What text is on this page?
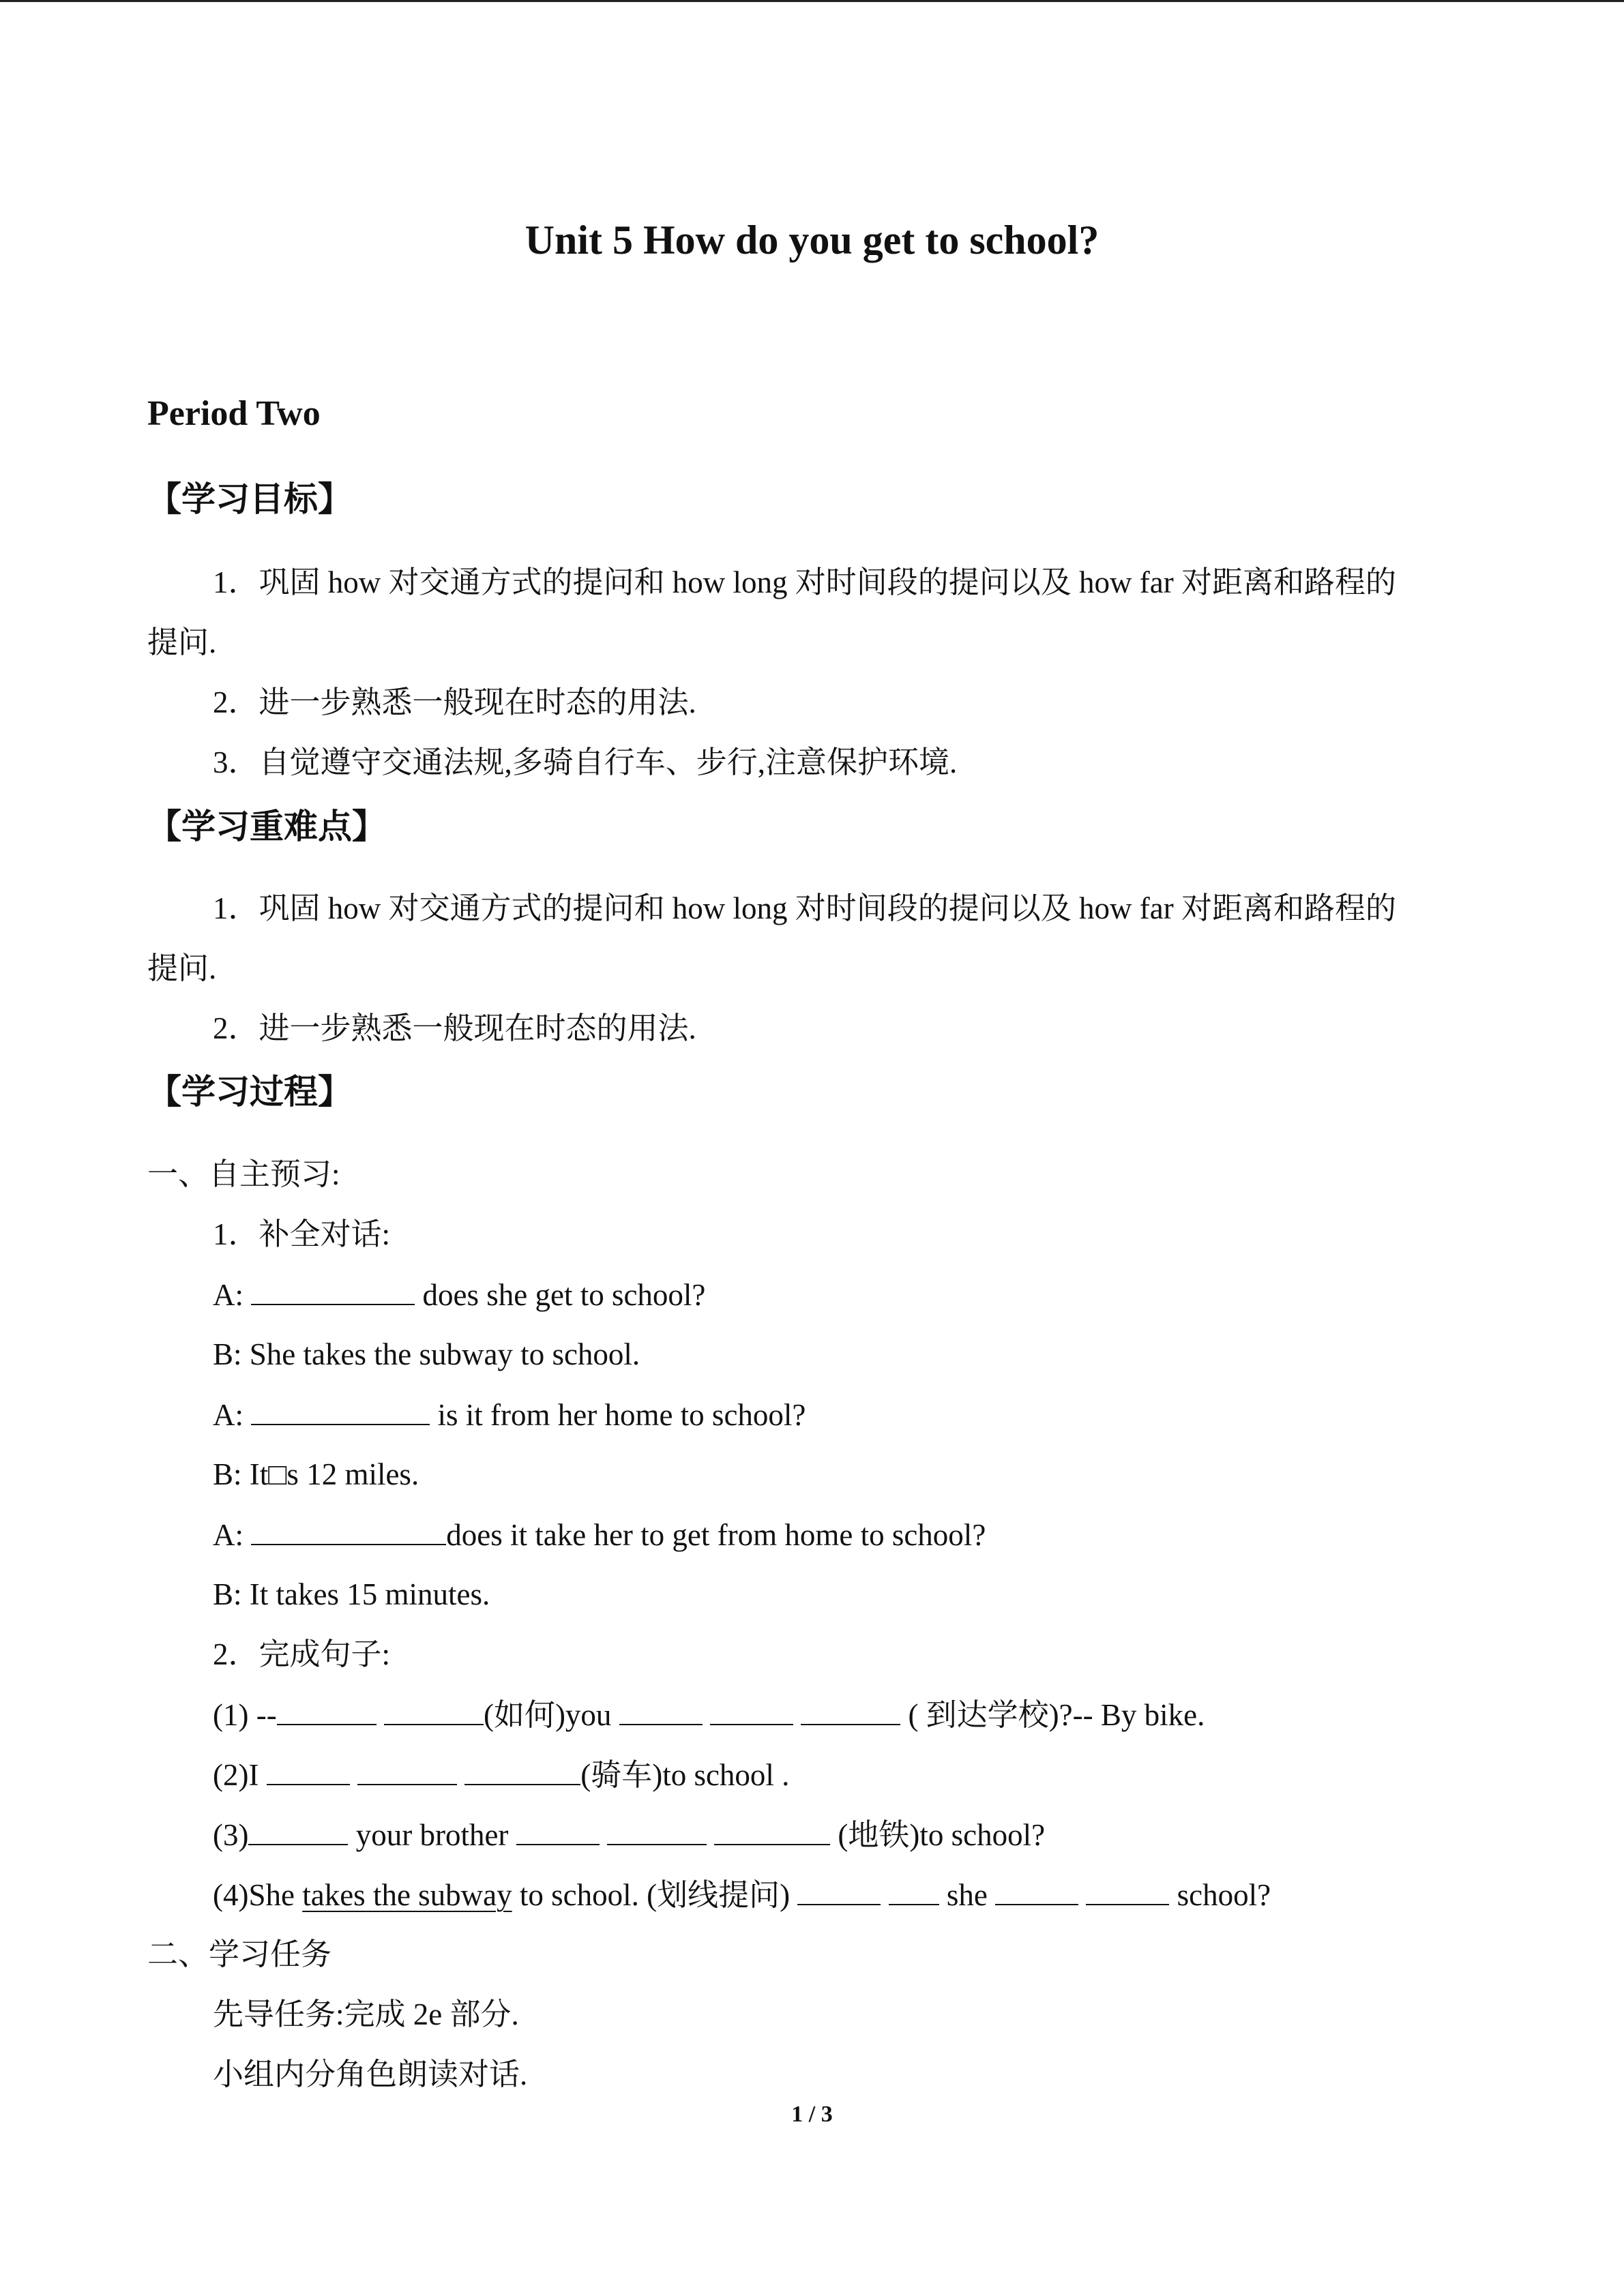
Unit 5 How do you get to school?
Period Two
【学习目标】
1．巩固 how 对交通方式的提问和 how long 对时间段的提问以及 how far 对距离和路程的
提问.
2．进一步熟悉一般现在时态的用法.
3．自觉遵守交通法规,多骑自行车、步行,注意保护环境.
【学习重难点】
1．巩固 how 对交通方式的提问和 how long 对时间段的提问以及 how far 对距离和路程的
提问.
2．进一步熟悉一般现在时态的用法.
【学习过程】
一、自主预习:
1．补全对话:
A:	does she get to school?
B: She takes the subway to school.
A:	is it from her home to school?
B: It□s 12 miles.
A:	does it take her to get from home to school?
B: It takes 15 minutes.
2．完成句子:
(1) --	(如何)you	( 到达学校)?-- By bike.
(2)I	(骑车)to school .
(3)	your brother	(地铁)to school?
(4)She takes the subway to school. (划线提问)	she	school?
二、学习任务
先导任务:完成 2e 部分.
小组内分角色朗读对话.
1 / 3
